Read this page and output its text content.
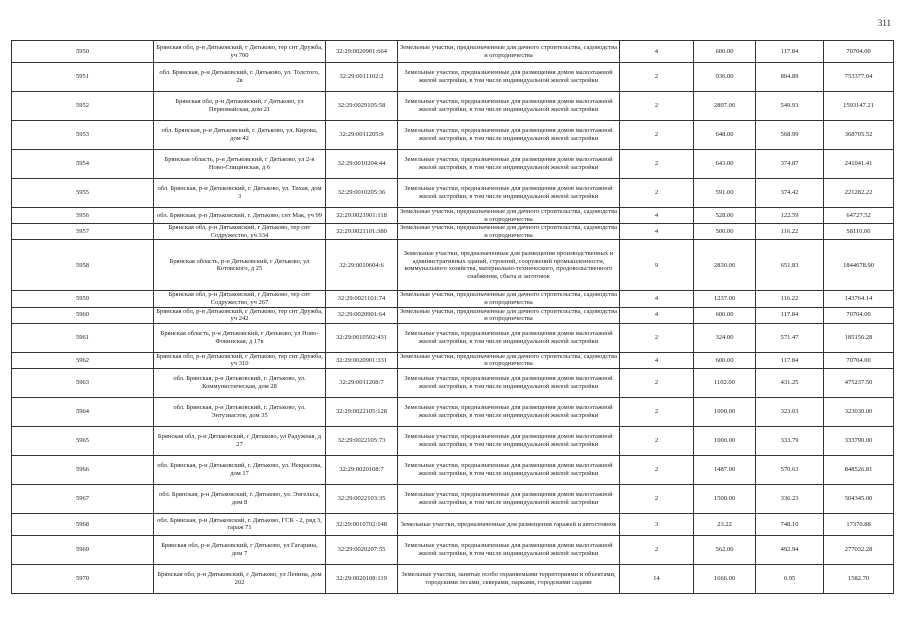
311
5950	Брянская обл, р-н Дятьковский, г Дятьково, тер снт Дружба, уч 700	32:29:0020901:664	Земельные участки, предназначенные для дачного строительства, садоводства и огородничества	4	600.00	117.84	70704.00
5951	обл. Брянская, р-н Дятьковский, г. Дятьково, ул. Толстого, 2в	32:29:0011102:2	Земельные участки, предназначенные для размещения домов малоэтажной жилой застройки, в том числе индивидуальной жилой застройки	2	936.00	804.89	753377.04
5952	Брянская обл, р-н Дятьковский, г Дятьково, ул Первомайская, дом 21	32:29:0029105:58	Земельные участки, предназначенные для размещения домов малоэтажной жилой застройки, в том числе индивидуальной жилой застройки	2	2897.00	549.93	1593147.21
5953	обл. Брянская, р-н Дятьковский, г. Дятьково, ул. Кирова, дом 42	32:29:0011205:9	Земельные участки, предназначенные для размещения домов малоэтажной жилой застройки, в том числе индивидуальной жилой застройки	2	648.00	568.99	368705.52
5954	Брянская область, р-н Дятьковский, г Дятьково, ул 2-я Ново-Спицинская, д 6	32:29:0010204:44	Земельные участки, предназначенные для размещения домов малоэтажной жилой застройки, в том числе индивидуальной жилой застройки	2	643.00	374.87	241041.41
5955	обл. Брянская, р-н Дятьковский, г. Дятьково, ул. Тихая, дом 3	32:29:0010205:36	Земельные участки, предназначенные для размещения домов малоэтажной жилой застройки, в том числе индивидуальной жилой застройки	2	591.00	374.42	221282.22
5956	обл. Брянская, р-н Дятьковский, г. Дятьково, снт Мак, уч 99	32:29:0021901:118	Земельные участки, предназначенные для дачного строительства, садоводства и огородничества	4	528.00	122.59	64727.52
5957	Брянская обл, р-н Дятьковский, г Дятьково, тер снт Содружество, уч 334	32:29:0021101:380	Земельные участки, предназначенные для дачного строительства, садоводства и огородничества	4	500.00	116.22	58110.00
5958	Брянская область, р-н Дятьковский, г Дятьково, ул Котовского, д 25	32:29:0010604:6	Земельные участки, предназначенные для размещения производственных и административных зданий, строений, сооружений промышленности, коммунального хозяйства, материально-технического, продовольственного снабжения, сбыта и заготовок	9	2830.00	651.83	1844678.90
5959	Брянская обл, р-н Дятьковский, г Дятьково, тер снт Содружество, уч 267	32:29:0021101:74	Земельные участки, предназначенные для дачного строительства, садоводства и огородничества	4	1237.00	116.22	143764.14
5960	Брянская обл, р-н Дятьковский, г Дятьково, тер снт Дружба, уч 242	32:29:0020901:64	Земельные участки, предназначенные для дачного строительства, садоводства и огородничества	4	600.00	117.84	70704.00
5961	Брянская область, р-н Дятьковский, г Дятьково, ул Ново-Фокинская, д 17в	32:29:0010502:431	Земельные участки, предназначенные для размещения домов малоэтажной жилой застройки, в том числе индивидуальной жилой застройки	2	324.00	571.47	185156.28
5962	Брянская обл, р-н Дятьковский, г Дятьково, тер снт Дружба, уч 310	32:29:0020901:331	Земельные участки, предназначенные для дачного строительства, садоводства и огородничества	4	600.00	117.84	70704.00
5963	обл. Брянская, р-н Дятьковский, г. Дятьково, ул. Коммунистическая, дом 28	32:29:0011208:7	Земельные участки, предназначенные для размещения домов малоэтажной жилой застройки, в том числе индивидуальной жилой застройки	2	1102.00	431.25	475237.50
5964	обл. Брянская, р-н Дятьковский, г. Дятьково, ул. Энтузиастов, дом 35	32:29:0022105:128	Земельные участки, предназначенные для размещения домов малоэтажной жилой застройки, в том числе индивидуальной жилой застройки	2	1000.00	323.03	323030.00
5965	Брянская обл, р-н Дятьковский, г Дятьково, ул Радужная, д 27	32:29:0022105:73	Земельные участки, предназначенные для размещения домов малоэтажной жилой застройки, в том числе индивидуальной жилой застройки	2	1000.00	333.79	333790.00
5966	обл. Брянская, р-н Дятьковский, г. Дятьково, ул. Некрасова, дом 17	32:29:0020108:7	Земельные участки, предназначенные для размещения домов малоэтажной жилой застройки, в том числе индивидуальной жилой застройки	2	1487.00	570.63	848526.81
5967	обл. Брянская, р-н Дятьковский, г. Дятьково, ул. Энгельса, дом 8	32:29:0022103:35	Земельные участки, предназначенные для размещения домов малоэтажной жилой застройки, в том числе индивидуальной жилой застройки	2	1500.00	336.23	504345.00
5968	обл. Брянская, р-н Дятьковский, г. Дятьково, ГСК - 2, ряд 3, гараж 71	32:29:0010702:148	Земельные участки, предназначенные для размещения гаражей и автостоянок	3	23.22	748.10	17370.88
5969	Брянская обл, р-н Дятьковский, г Дятьково, ул Гагарина, дом 7	32:29:0020207:55	Земельные участки, предназначенные для размещения домов малоэтажной жилой застройки, в том числе индивидуальной жилой застройки	2	562.00	492.94	277032.28
5970	Брянская обл, р-н Дятьковский, г Дятьково, ул Ленина, дом 202	32:29:0020108:119	Земельные участки, занятые особо охраняемыми территориями и объектами, городскими лесами, скверами, парками, городскими садами	14	1666.00	0.95	1582.70
